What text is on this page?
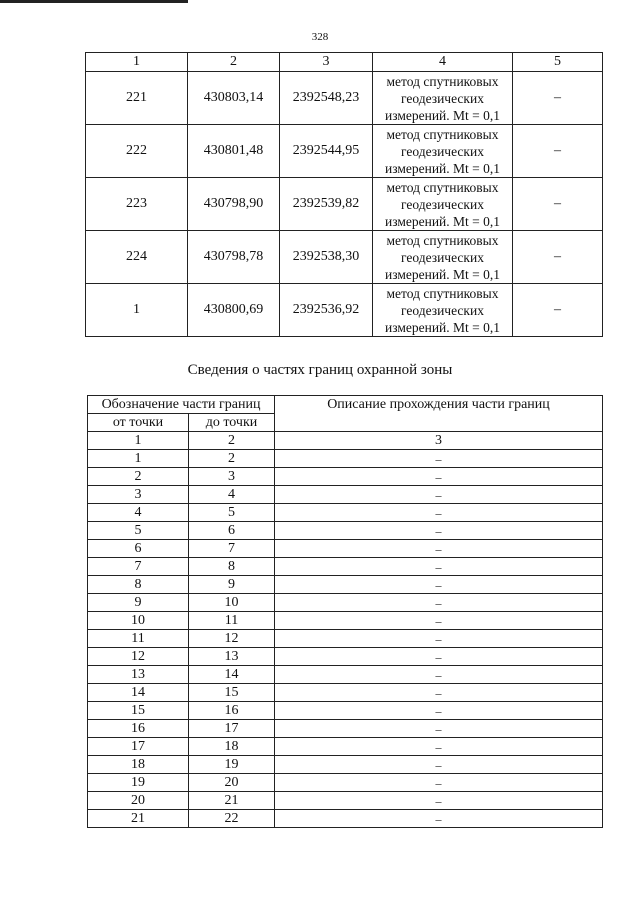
328
1	2	3	4	5
221	430803,14	2392548,23	метод спутниковых геодезических измерений. Mt = 0,1	–
222	430801,48	2392544,95	метод спутниковых геодезических измерений. Mt = 0,1	–
223	430798,90	2392539,82	метод спутниковых геодезических измерений. Mt = 0,1	–
224	430798,78	2392538,30	метод спутниковых геодезических измерений. Mt = 0,1	–
1	430800,69	2392536,92	метод спутниковых геодезических измерений. Mt = 0,1	–
Сведения о частях границ охранной зоны
Обозначение части границ		Описание прохождения части границ
от точки	до точки	
1	2	3
1	2	–
2	3	–
3	4	–
4	5	–
5	6	–
6	7	–
7	8	–
8	9	–
9	10	–
10	11	–
11	12	–
12	13	–
13	14	–
14	15	–
15	16	–
16	17	–
17	18	–
18	19	–
19	20	–
20	21	–
21	22	–
